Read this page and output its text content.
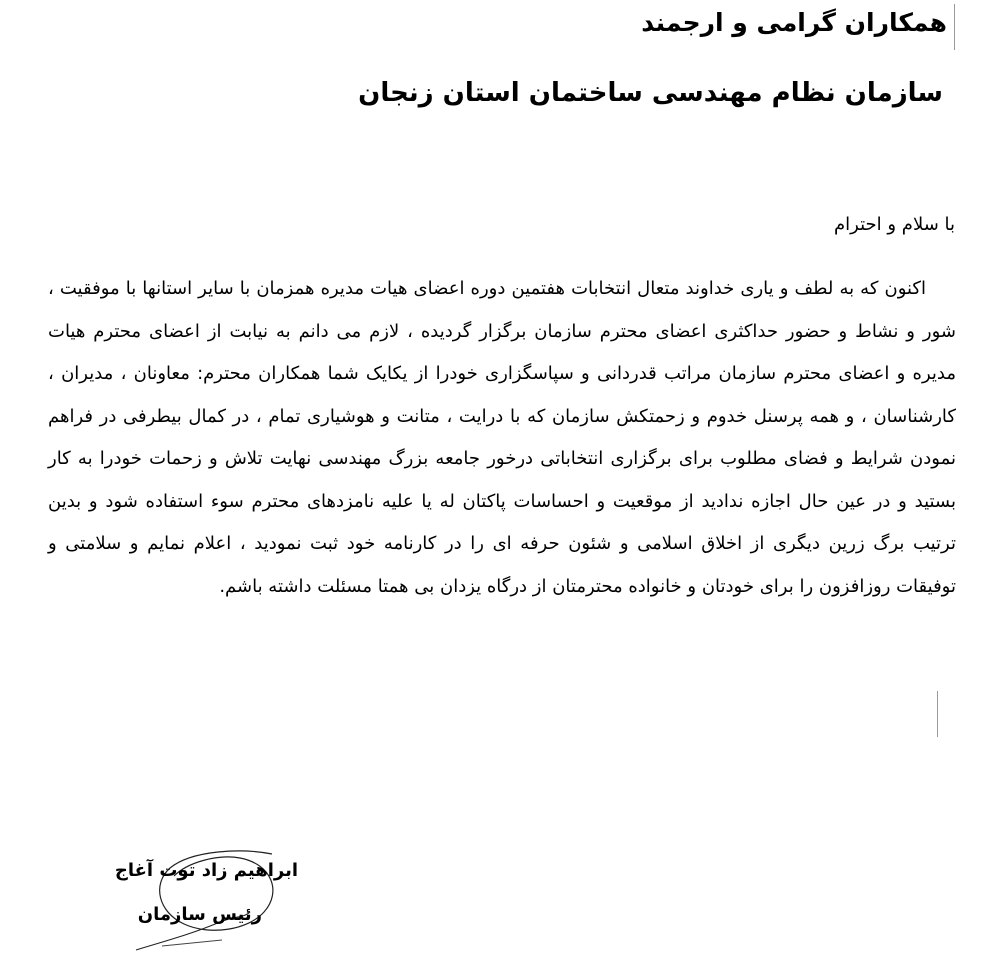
همکاران گرامی و ارجمند
سازمان نظام مهندسی ساختمان استان زنجان
با سلام و احترام

اکنون که به لطف و یاری خداوند متعال انتخابات هفتمین دوره اعضای هیات مدیره همزمان با سایر استانها با موفقیت ، شور و نشاط و حضور حداکثری اعضای محترم سازمان برگزار گردیده ، لازم می دانم به نیابت از اعضای محترم هیات مدیره و اعضای محترم سازمان مراتب قدردانی و سپاسگزاری خودرا از یکایک شما همکاران محترم: معاونان ، مدیران ، کارشناسان ، و همه پرسنل خدوم و زحمتکش سازمان که با درایت ، متانت و هوشیاری تمام ، در کمال بیطرفی در فراهم نمودن شرایط و فضای مطلوب برای برگزاری انتخاباتی درخور جامعه بزرگ مهندسی نهایت تلاش و زحمات خودرا به کار بستید و در عین حال اجازه ندادید از موقعیت و احساسات پاکتان له یا علیه نامزدهای محترم سوء استفاده شود و بدین ترتیب برگ زرین دیگری از اخلاق اسلامی و شئون حرفه ای را در کارنامه خود ثبت نمودید ، اعلام نمایم و سلامتی و توفیقات روزافزون را برای خودتان و خانواده محترمتان از درگاه یزدان بی همتا مسئلت داشته باشم.

ابراهیم زاد توت آغاج
رئیس سازمان
